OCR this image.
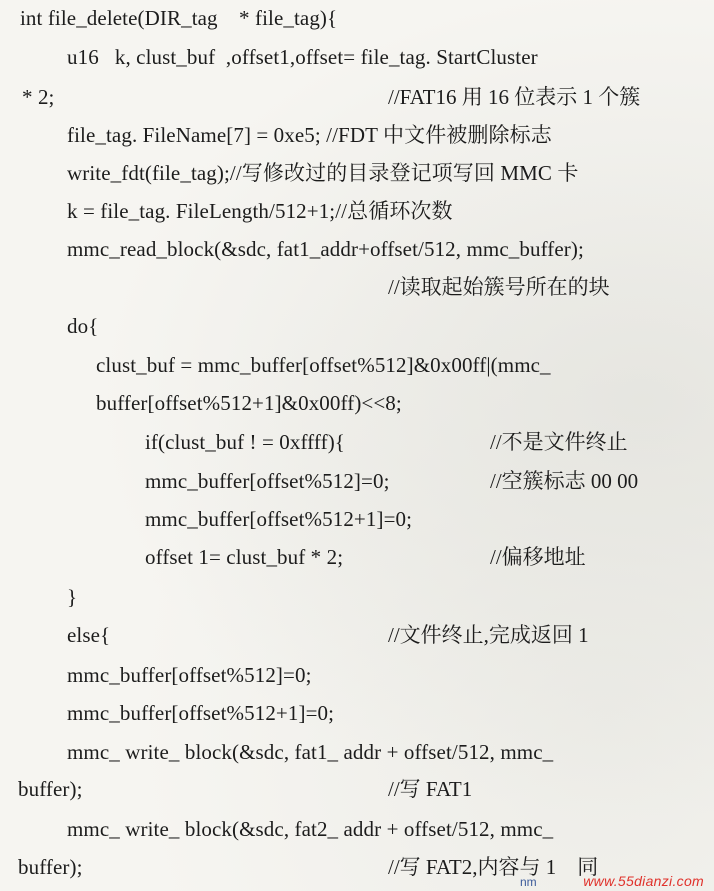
int file_delete(DIR_tag    * file_tag){
u16   k, clust_buf  ,offset1,offset= file_tag. StartCluster
* 2;	//FAT16 用 16 位表示 1 个簇
file_tag. FileName[7] = 0xe5; //FDT 中文件被删除标志
write_fdt(file_tag);//写修改过的目录登记项写回 MMC 卡
k = file_tag. FileLength/512+1;//总循环次数
mmc_read_block(&sdc, fat1_addr+offset/512, mmc_buffer);
//读取起始簇号所在的块
do{
clust_buf = mmc_buffer[offset%512]&0x00ff|(mmc_
buffer[offset%512+1]&0x00ff)<<8;
if(clust_buf ! = 0xffff){	//不是文件终止
mmc_buffer[offset%512]=0;	//空簇标志 00 00
mmc_buffer[offset%512+1]=0;
offset 1= clust_buf * 2;	//偏移地址
}
else{	//文件终止,完成返回 1
mmc_buffer[offset%512]=0;
mmc_buffer[offset%512+1]=0;
mmc_ write_ block(&sdc, fat1_ addr + offset/512, mmc_
buffer);	//写 FAT1
mmc_ write_ block(&sdc, fat2_ addr + offset/512, mmc_
buffer);	//写 FAT2,内容与 1    同
nm	www.55dianzi.com
